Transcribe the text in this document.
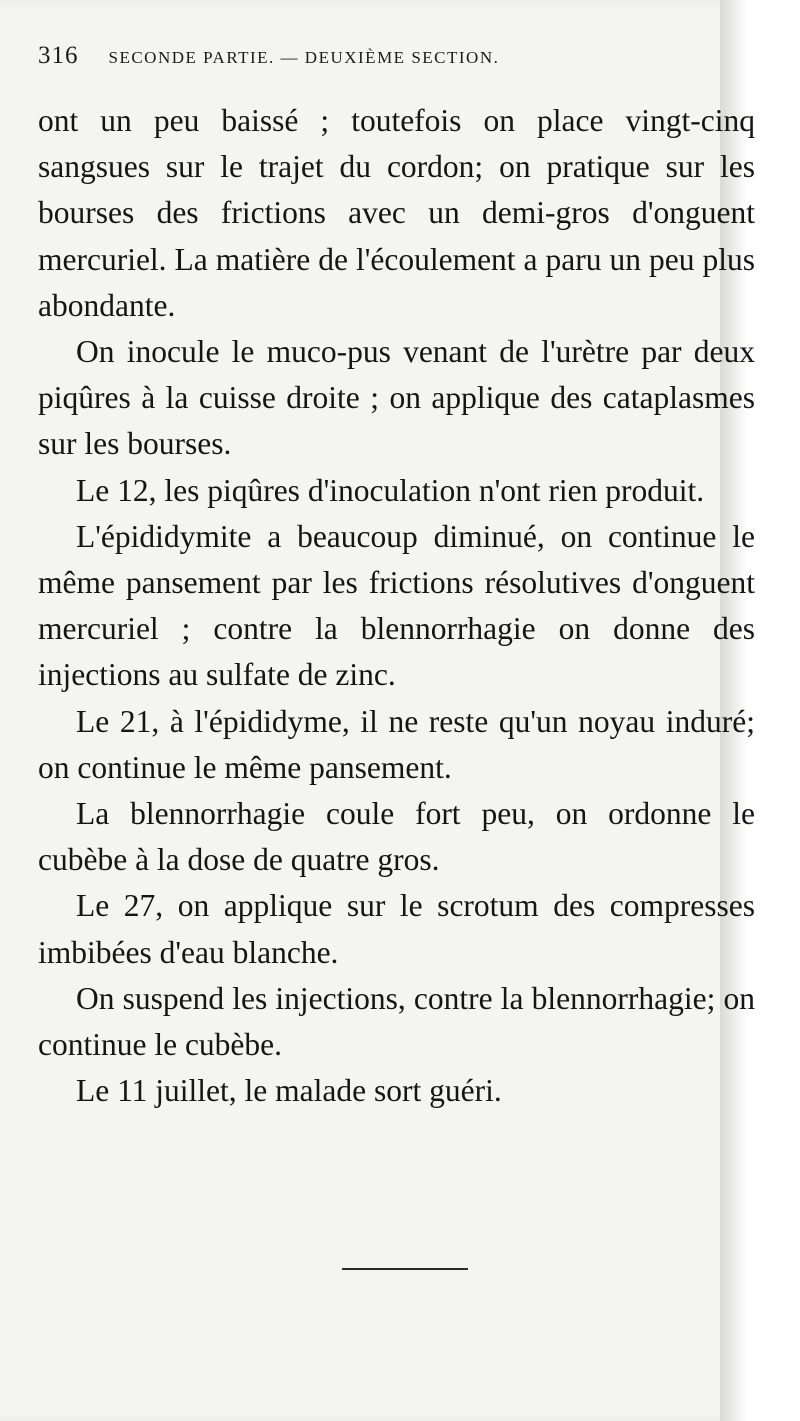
316 SECONDE PARTIE. — DEUXIÈME SECTION.

ont un peu baissé ; toutefois on place vingt-cinq sangsues sur le trajet du cordon; on pratique sur les bourses des frictions avec un demi-gros d'onguent mercuriel. La matière de l'écoulement a paru un peu plus abondante.

On inocule le muco-pus venant de l'urètre par deux piqûres à la cuisse droite ; on applique des cataplasmes sur les bourses.

Le 12, les piqûres d'inoculation n'ont rien produit.

L'épididymite a beaucoup diminué, on continue le même pansement par les frictions résolutives d'onguent mercuriel ; contre la blennorrhagie on donne des injections au sulfate de zinc.

Le 21, à l'épididyme, il ne reste qu'un noyau induré; on continue le même pansement.

La blennorrhagie coule fort peu, on ordonne le cubèbe à la dose de quatre gros.

Le 27, on applique sur le scrotum des compresses imbibées d'eau blanche.

On suspend les injections, contre la blennorrhagie; on continue le cubèbe.

Le 11 juillet, le malade sort guéri.
